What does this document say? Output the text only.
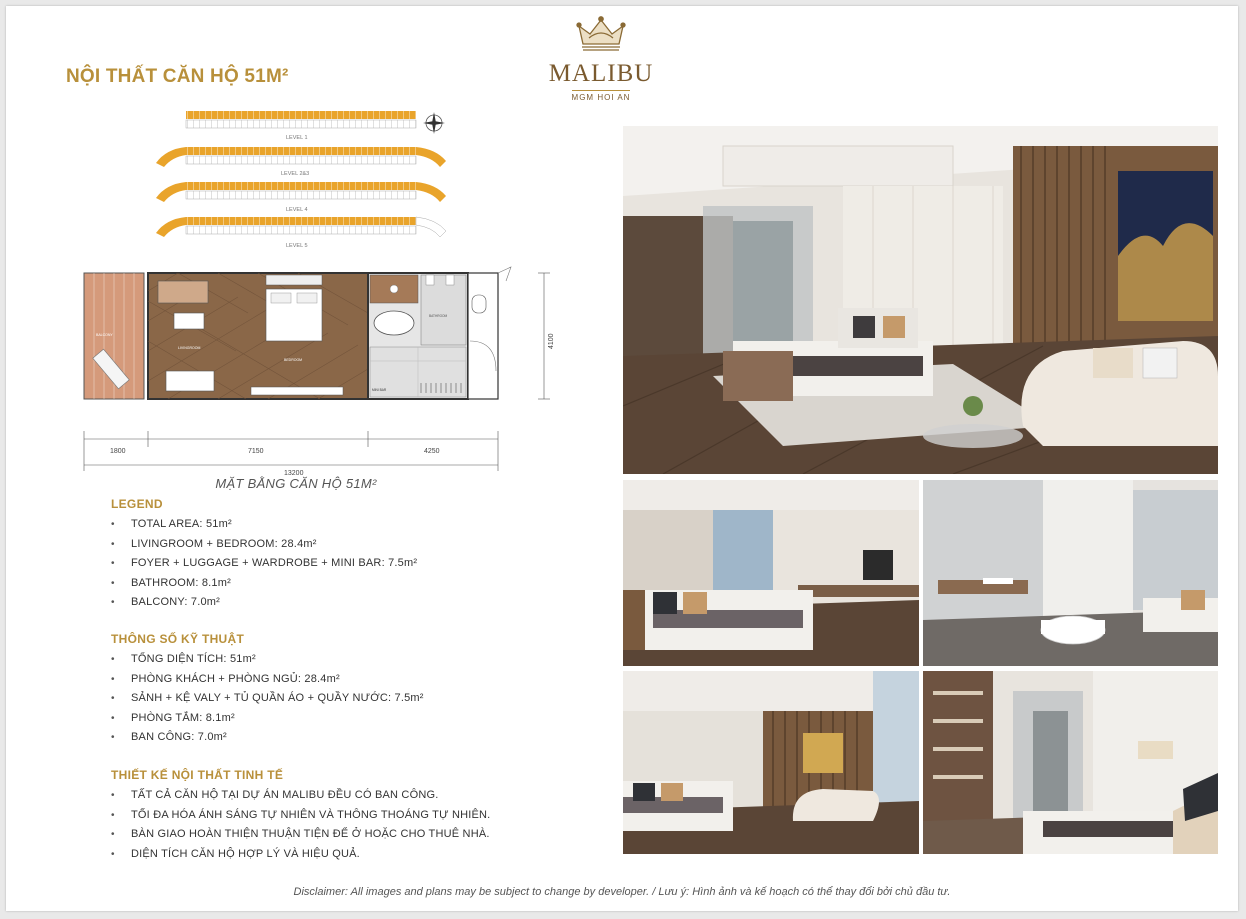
NỘI THẤT CĂN HỘ 51M²	MALIBU
MGM HOI AN
LEVEL 1
LEVEL 2&3
LEVEL 4
LEVEL 5
BALCONY
LIVINGROOM
BEDROOM
BATHROOM
MINI BAR
4100
1800	7150	4250
13200
MẶT BẰNG CĂN HỘ 51M²
LEGEND
• TOTAL AREA: 51m²
• LIVINGROOM + BEDROOM: 28.4m²
• FOYER + LUGGAGE + WARDROBE + MINI BAR: 7.5m²
• BATHROOM: 8.1m²
• BALCONY: 7.0m²
THÔNG SỐ KỸ THUẬT
• TỔNG DIỆN TÍCH: 51m²
• PHÒNG KHÁCH + PHÒNG NGỦ: 28.4m²
• SẢNH + KỆ VALY + TỦ QUẦN ÁO + QUẦY NƯỚC: 7.5m²
• PHÒNG TẮM: 8.1m²
• BAN CÔNG: 7.0m²
THIẾT KẾ NỘI THẤT TINH TẾ
• TẤT CẢ CĂN HỘ TẠI DỰ ÁN MALIBU ĐỀU CÓ BAN CÔNG.
• TỐI ĐA HÓA ÁNH SÁNG TỰ NHIÊN VÀ THÔNG THOÁNG TỰ NHIÊN.
• BÀN GIAO HOÀN THIỆN THUẬN TIỆN ĐỂ Ở HOẶC CHO THUÊ NHÀ.
• DIỆN TÍCH CĂN HỘ HỢP LÝ VÀ HIỆU QUẢ.
Disclaimer: All images and plans may be subject to change by developer. / Lưu ý: Hình ảnh và kế hoạch có thể thay đổi bởi chủ đầu tư.
